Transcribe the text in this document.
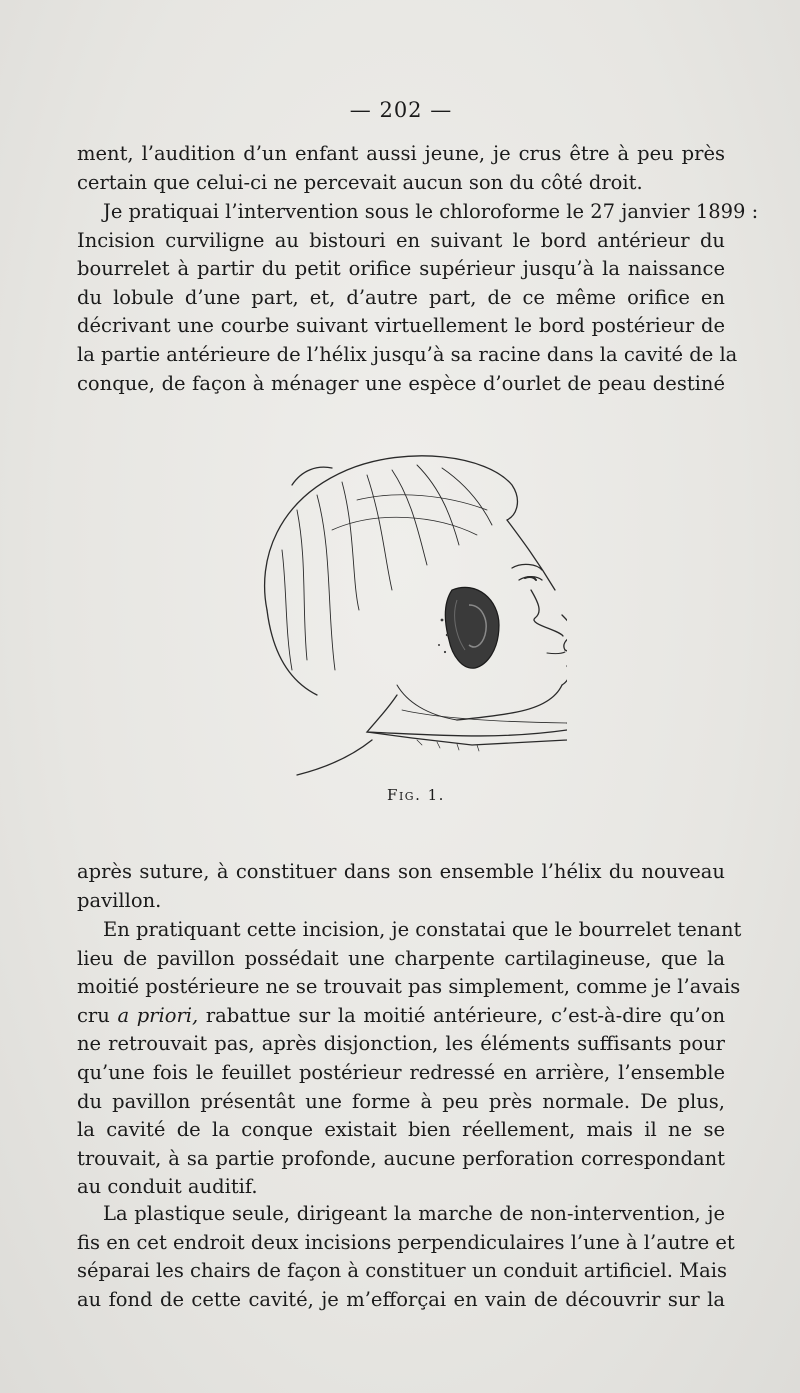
— 202 —
ment, l’audition d’un enfant aussi jeune, je crus être à peu près
certain que celui-ci ne percevait aucun son du côté droit.
Je pratiquai l’intervention sous le chloroforme le 27 janvier 1899 :
Incision curviligne au bistouri en suivant le bord antérieur du
bourrelet à partir du petit orifice supérieur jusqu’à la naissance
du lobule d’une part, et, d’autre part, de ce même orifice en
décrivant une courbe suivant virtuellement le bord postérieur de
la partie antérieure de l’hélix jusqu’à sa racine dans la cavité de la
conque, de façon à ménager une espèce d’ourlet de peau destiné
Fig. 1.
après suture, à constituer dans son ensemble l’hélix du nouveau
pavillon.
En pratiquant cette incision, je constatai que le bourrelet tenant
lieu de pavillon possédait une charpente cartilagineuse, que la
moitié postérieure ne se trouvait pas simplement, comme je l’avais
cru a priori, rabattue sur la moitié antérieure, c’est-à-dire qu’on
ne retrouvait pas, après disjonction, les éléments suffisants pour
qu’une fois le feuillet postérieur redressé en arrière, l’ensemble
du pavillon présentât une forme à peu près normale. De plus,
la cavité de la conque existait bien réellement, mais il ne se
trouvait, à sa partie profonde, aucune perforation correspondant
au conduit auditif.
La plastique seule, dirigeant la marche de non-intervention, je
fis en cet endroit deux incisions perpendiculaires l’une à l’autre et
séparai les chairs de façon à constituer un conduit artificiel. Mais
au fond de cette cavité, je m’efforçai en vain de découvrir sur la
